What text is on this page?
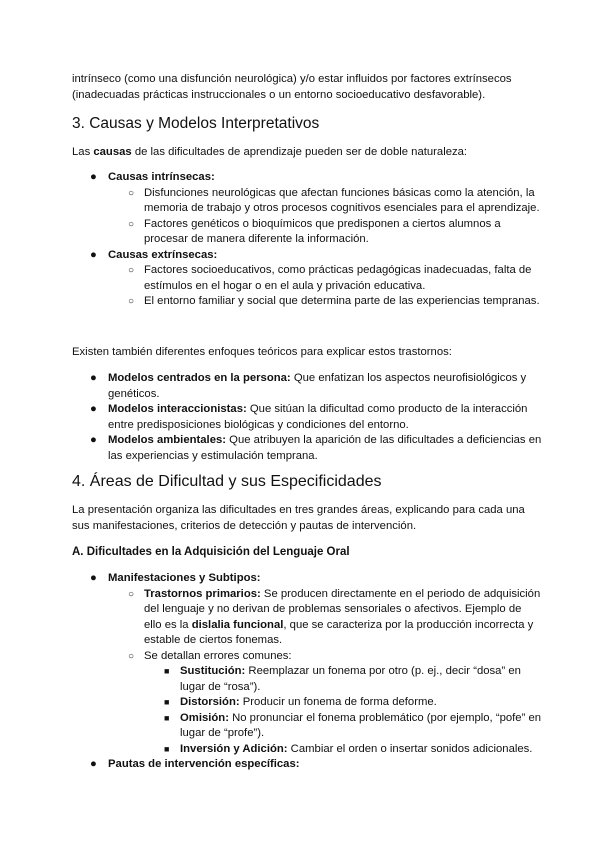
intrínseco (como una disfunción neurológica) y/o estar influidos por factores extrínsecos (inadecuadas prácticas instruccionales o un entorno socioeducativo desfavorable).

3. Causas y Modelos Interpretativos

Las causas de las dificultades de aprendizaje pueden ser de doble naturaleza:

● Causas intrínsecas:
○ Disfunciones neurológicas que afectan funciones básicas como la atención, la memoria de trabajo y otros procesos cognitivos esenciales para el aprendizaje.
○ Factores genéticos o bioquímicos que predisponen a ciertos alumnos a procesar de manera diferente la información.
● Causas extrínsecas:
○ Factores socioeducativos, como prácticas pedagógicas inadecuadas, falta de estímulos en el hogar o en el aula y privación educativa.
○ El entorno familiar y social que determina parte de las experiencias tempranas.

Existen también diferentes enfoques teóricos para explicar estos trastornos:

● Modelos centrados en la persona: Que enfatizan los aspectos neurofisiológicos y genéticos.
● Modelos interaccionistas: Que sitúan la dificultad como producto de la interacción entre predisposiciones biológicas y condiciones del entorno.
● Modelos ambientales: Que atribuyen la aparición de las dificultades a deficiencias en las experiencias y estimulación temprana.
4. Áreas de Dificultad y sus Especificidades

La presentación organiza las dificultades en tres grandes áreas, explicando para cada una sus manifestaciones, criterios de detección y pautas de intervención.

A. Dificultades en la Adquisición del Lenguaje Oral
● Manifestaciones y Subtipos:
○ Trastornos primarios: Se producen directamente en el periodo de adquisición del lenguaje y no derivan de problemas sensoriales o afectivos. Ejemplo de ello es la dislalia funcional, que se caracteriza por la producción incorrecta y estable de ciertos fonemas.
○ Se detallan errores comunes:
■ Sustitución: Reemplazar un fonema por otro (p. ej., decir “dosa” en lugar de “rosa”).
■ Distorsión: Producir un fonema de forma deforme.
■ Omisión: No pronunciar el fonema problemático (por ejemplo, “pofe” en lugar de “profe”).
■ Inversión y Adición: Cambiar el orden o insertar sonidos adicionales.
● Pautas de intervención específicas:
